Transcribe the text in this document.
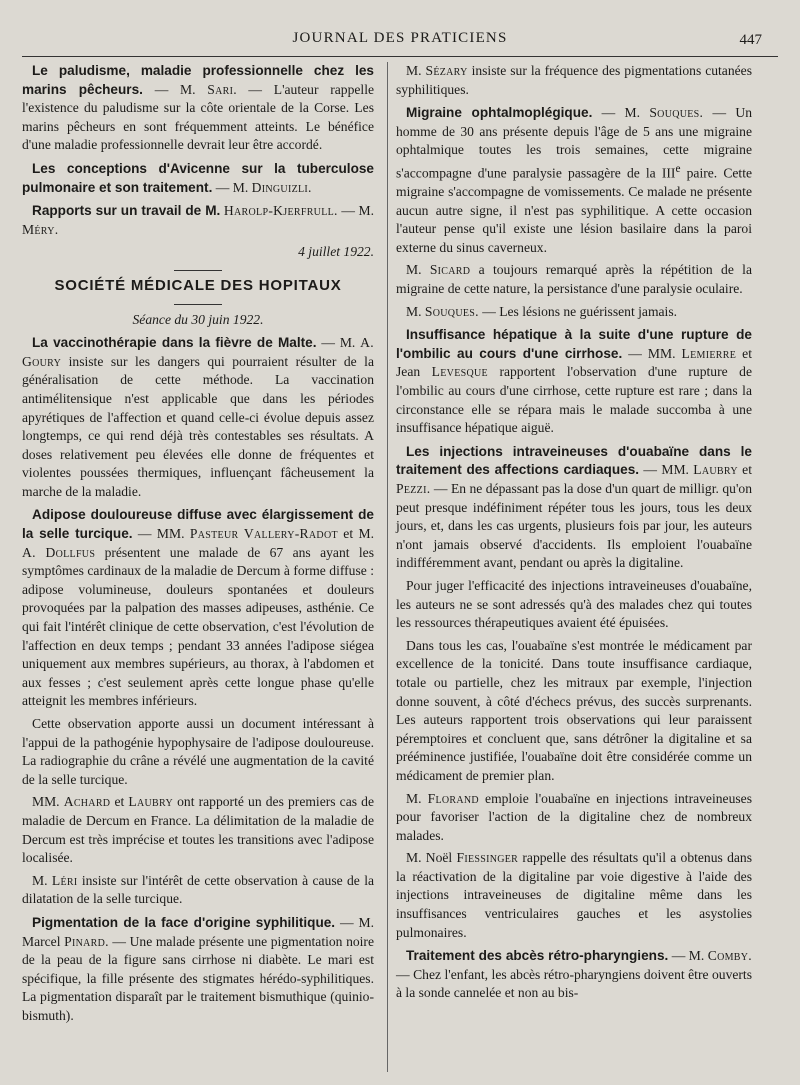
JOURNAL DES PRATICIENS	447

Le paludisme, maladie professionnelle chez les marins pêcheurs. — M. Sari. — L'auteur rappelle l'existence du paludisme sur la côte orientale de la Corse. Les marins pêcheurs en sont fréquemment atteints. Le bénéfice d'une maladie professionnelle devrait leur être accordé.

Les conceptions d'Avicenne sur la tuberculose pulmonaire et son traitement. — M. Dinguizli.

Rapports sur un travail de M. Harolp-Kjerfrull. — M. Méry.

4 juillet 1922.

SOCIÉTÉ MÉDICALE DES HOPITAUX

Séance du 30 juin 1922.

La vaccinothérapie dans la fièvre de Malte. — M. A. Goury insiste sur les dangers qui pourraient résulter de la généralisation de cette méthode. La vaccination antimélitensique n'est applicable que dans les périodes apyrétiques de l'affection et quand celle-ci évolue depuis assez longtemps, ce qui rend déjà très contestables ses résultats. A doses relativement peu élevées elle donne de fréquentes et violentes poussées thermiques, influençant fâcheusement la marche de la maladie.

Adipose douloureuse diffuse avec élargissement de la selle turcique. — MM. Pasteur Vallery-Radot et M. A. Dollfus présentent une malade de 67 ans ayant les symptômes cardinaux de la maladie de Dercum à forme diffuse : adipose volumineuse, douleurs spontanées et douleurs provoquées par la palpation des masses adipeuses, asthénie. Ce qui fait l'intérêt clinique de cette observation, c'est l'évolution de l'affection en deux temps ; pendant 33 années l'adipose siégea uniquement aux membres supérieurs, au thorax, à l'abdomen et aux fesses ; c'est seulement après cette longue phase qu'elle atteignit les membres inférieurs.

Cette observation apporte aussi un document intéressant à l'appui de la pathogénie hypophysaire de l'adipose douloureuse. La radiographie du crâne a révélé une augmentation de la cavité de la selle turcique.

MM. Achard et Laubry ont rapporté un des premiers cas de maladie de Dercum en France. La délimitation de la maladie de Dercum est très imprécise et toutes les transitions avec l'adipose localisée.

M. Léri insiste sur l'intérêt de cette observation à cause de la dilatation de la selle turcique.

Pigmentation de la face d'origine syphilitique. — M. Marcel Pinard. — Une malade présente une pigmentation noire de la peau de la figure sans cirrhose ni diabète. Le mari est spécifique, la fille présente des stigmates hérédo-syphilitiques. La pigmentation disparaît par le traitement bismuthique (quinio-bismuth).

M. Sézary insiste sur la fréquence des pigmentations cutanées syphilitiques.

Migraine ophtalmoplégique. — M. Souques. — Un homme de 30 ans présente depuis l'âge de 5 ans une migraine ophtalmique toutes les trois semaines, cette migraine s'accompagne d'une paralysie passagère de la IIIe paire. Cette migraine s'accompagne de vomissements. Ce malade ne présente aucun autre signe, il n'est pas syphilitique. A cette occasion l'auteur pense qu'il existe une lésion basilaire dans la paroi externe du sinus caverneux.

M. Sicard a toujours remarqué après la répétition de la migraine de cette nature, la persistance d'une paralysie oculaire.

M. Souques. — Les lésions ne guérissent jamais.

Insuffisance hépatique à la suite d'une rupture de l'ombilic au cours d'une cirrhose. — MM. Lemierre et Jean Levesque rapportent l'observation d'une rupture de l'ombilic au cours d'une cirrhose, cette rupture est rare ; dans la circonstance elle se répara mais le malade succomba à une insuffisance hépatique aiguë.

Les injections intraveineuses d'ouabaïne dans le traitement des affections cardiaques. — MM. Laubry et Pezzi. — En ne dépassant pas la dose d'un quart de milligr. qu'on peut presque indéfiniment répéter tous les jours, tous les deux jours, et, dans les cas urgents, plusieurs fois par jour, les auteurs n'ont jamais observé d'accidents. Ils emploient l'ouabaïne indifféremment avant, pendant ou après la digitaline.

Pour juger l'efficacité des injections intraveineuses d'ouabaïne, les auteurs ne se sont adressés qu'à des malades chez qui toutes les ressources thérapeutiques avaient été épuisées.

Dans tous les cas, l'ouabaïne s'est montrée le médicament par excellence de la tonicité. Dans toute insuffisance cardiaque, totale ou partielle, chez les mitraux par exemple, l'injection donne souvent, à côté d'échecs prévus, des succès surprenants. Les auteurs rapportent trois observations qui leur paraissent péremptoires et concluent que, sans détrôner la digitaline et sa prééminence justifiée, l'ouabaïne doit être considérée comme un médicament de premier plan.

M. Florand emploie l'ouabaïne en injections intraveineuses pour favoriser l'action de la digitaline chez de nombreux malades.

M. Noël Fiessinger rappelle des résultats qu'il a obtenus dans la réactivation de la digitaline par voie digestive à l'aide des injections intraveineuses de digitaline même dans les insuffisances ventriculaires gauches et les asystolies pulmonaires.

Traitement des abcès rétro-pharyngiens. — M. Comby. — Chez l'enfant, les abcès rétro-pharyngiens doivent être ouverts à la sonde cannelée et non au bis-
